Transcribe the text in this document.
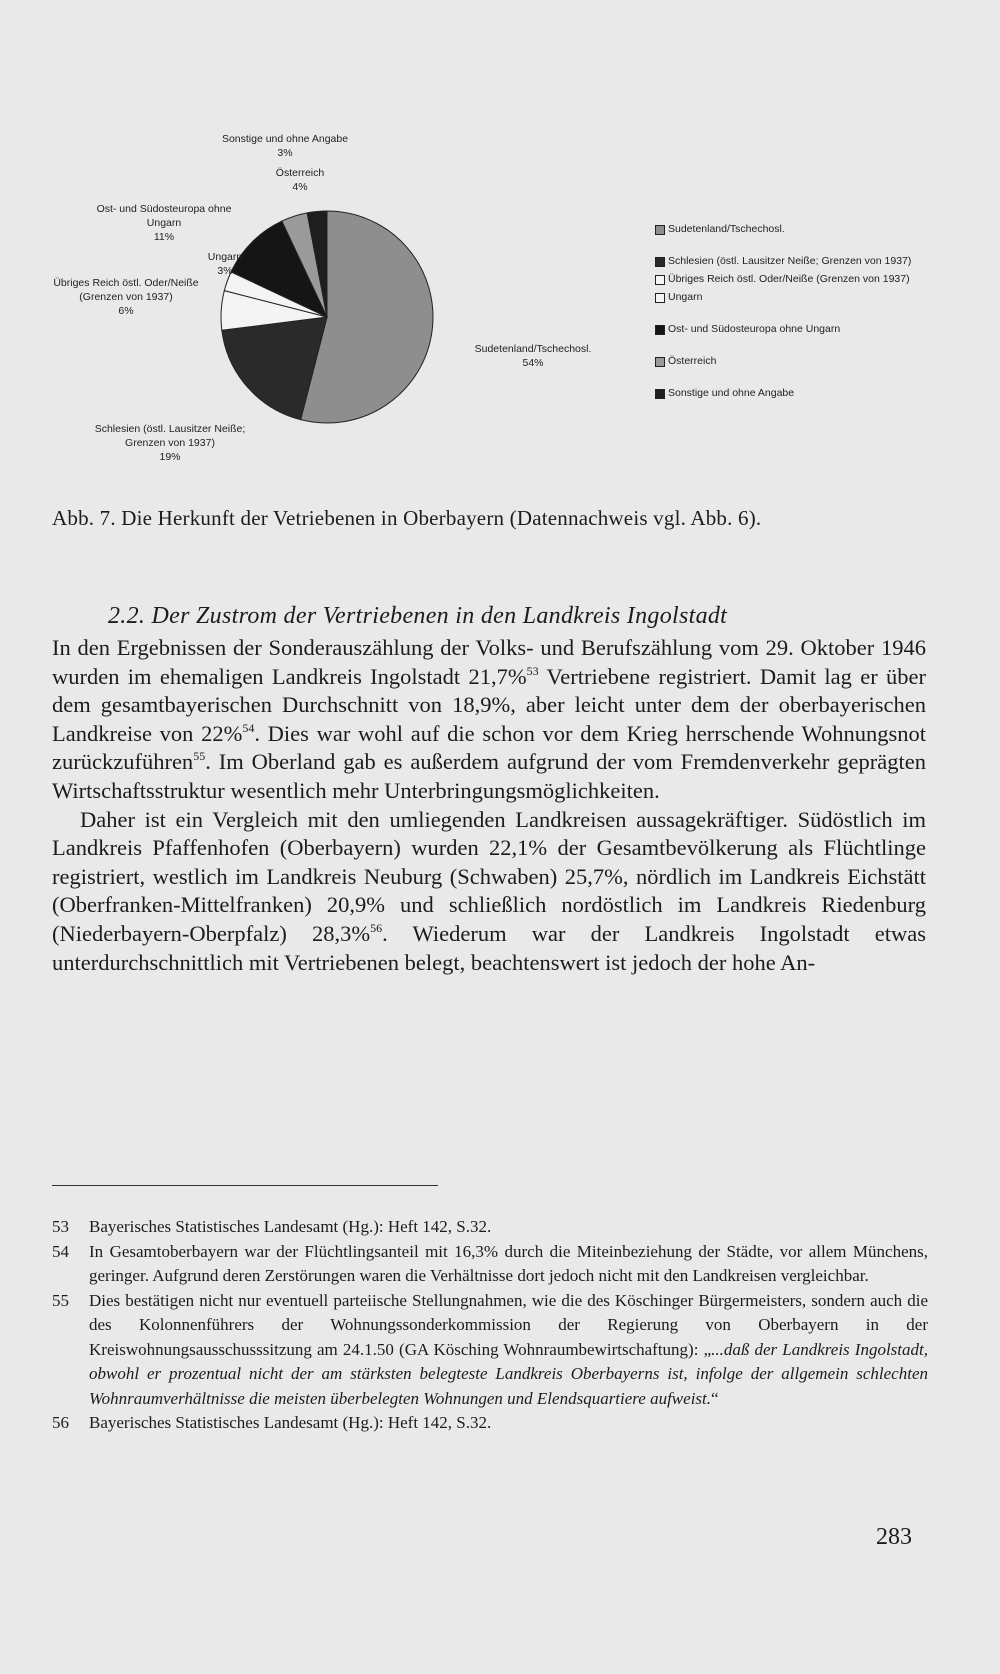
Sonstige und ohne Angabe
3%
Österreich
4%
Ost- und Südosteuropa ohne Ungarn
11%
Ungarn
3%
Übriges Reich östl. Oder/Neiße (Grenzen von 1937)
6%
Sudetenland/Tschechosl.
54%
Schlesien (östl. Lausitzer Neiße; Grenzen von 1937)
19%
Sudetenland/Tschechosl.
Schlesien (östl. Lausitzer Neiße; Grenzen von 1937)
Übriges Reich östl. Oder/Neiße (Grenzen von 1937)
Ungarn
Ost- und Südosteuropa ohne Ungarn
Österreich
Sonstige und ohne Angabe
Abb. 7. Die Herkunft der Vetriebenen in Oberbayern (Datennachweis vgl. Abb. 6).
2.2. Der Zustrom der Vertriebenen in den Landkreis Ingolstadt

In den Ergebnissen der Sonderauszählung der Volks- und Berufszählung vom 29. Oktober 1946 wurden im ehemaligen Landkreis Ingolstadt 21,7%$^{53}$ Vertriebene registriert. Damit lag er über dem gesamtbayerischen Durchschnitt von 18,9%, aber leicht unter dem der oberbayerischen Landkreise von 22%$^{54}$. Dies war wohl auf die schon vor dem Krieg herrschende Wohnungsnot zurückzuführen$^{55}$. Im Oberland gab es außerdem aufgrund der vom Fremdenverkehr geprägten Wirtschaftsstruktur wesentlich mehr Unterbringungsmöglichkeiten.

Daher ist ein Vergleich mit den umliegenden Landkreisen aussagekräftiger. Südöstlich im Landkreis Pfaffenhofen (Oberbayern) wurden 22,1% der Gesamtbevölkerung als Flüchtlinge registriert, westlich im Landkreis Neuburg (Schwaben) 25,7%, nördlich im Landkreis Eichstätt (Oberfranken-Mittelfranken) 20,9% und schließlich nordöstlich im Landkreis Riedenburg (Niederbayern-Oberpfalz) 28,3%$^{56}$. Wiederum war der Landkreis Ingolstadt etwas unterdurchschnittlich mit Vertriebenen belegt, beachtenswert ist jedoch der hohe An-

53	Bayerisches Statistisches Landesamt (Hg.): Heft 142, S.32.
54	In Gesamtoberbayern war der Flüchtlingsanteil mit 16,3% durch die Miteinbeziehung der Städte, vor allem Münchens, geringer. Aufgrund deren Zerstörungen waren die Verhältnisse dort jedoch nicht mit den Landkreisen vergleichbar.
55	Dies bestätigen nicht nur eventuell parteiische Stellungnahmen, wie die des Köschinger Bürgermeisters, sondern auch die des Kolonnenführers der Wohnungssonderkommission der Regierung von Oberbayern in der Kreiswohnungsausschusssitzung am 24.1.50 (GA Kösching Wohnraumbewirtschaftung): „...daß der Landkreis Ingolstadt, obwohl er prozentual nicht der am stärksten belegteste Landkreis Oberbayerns ist, infolge der allgemein schlechten Wohnraumverhältnisse die meisten überbelegten Wohnungen und Elendsquartiere aufweist.“
56	Bayerisches Statistisches Landesamt (Hg.): Heft 142, S.32.
283
